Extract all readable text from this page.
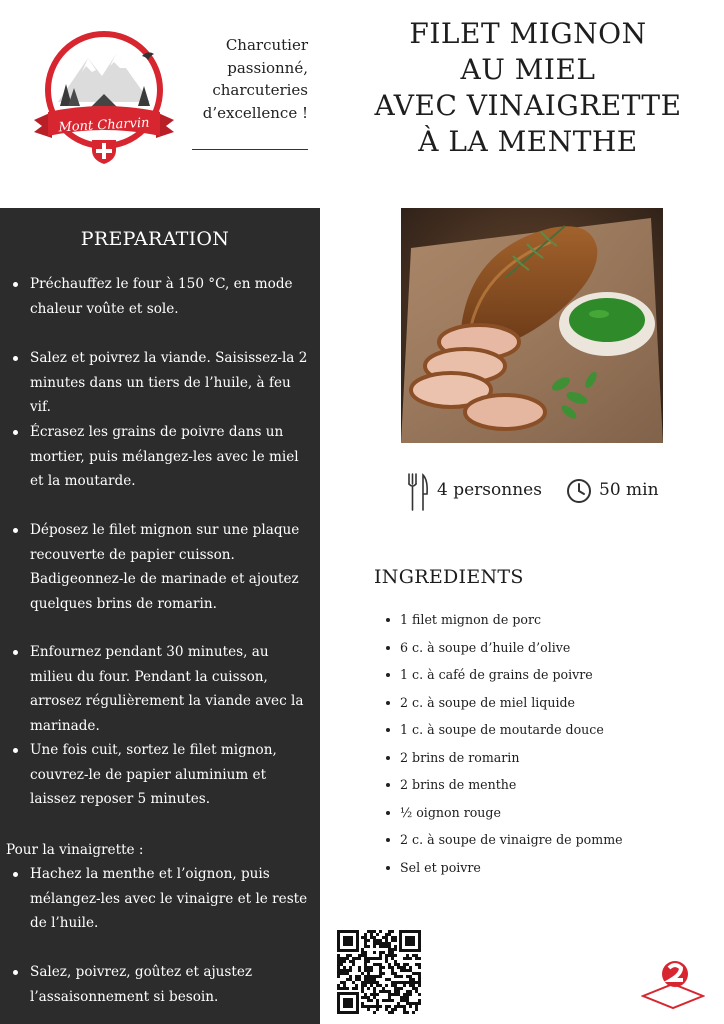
Mont Charvin
Charcutier
passionné,
charcuteries
d’excellence !
FILET MIGNON
AU MIEL
AVEC VINAIGRETTE
À LA MENTHE
PREPARATION
Préchauffez le four à 150 °C, en mode chaleur voûte et sole.
Salez et poivrez la viande. Saisissez-la 2 minutes dans un tiers de l’huile, à feu vif.
Écrasez les grains de poivre dans un mortier, puis mélangez-les avec le miel et la moutarde.
Déposez le filet mignon sur une plaque recouverte de papier cuisson. Badigeonnez-le de marinade et ajoutez quelques brins de romarin.
Enfournez pendant 30 minutes, au milieu du four. Pendant la cuisson, arrosez régulièrement la viande avec la marinade.
Une fois cuit, sortez le filet mignon, couvrez-le de papier aluminium et laissez reposer 5 minutes.
Pour la vinaigrette :
Hachez la menthe et l’oignon, puis mélangez-les avec le vinaigre et le reste de l’huile.
Salez, poivrez, goûtez et ajustez l’assaisonnement si besoin.
4 personnes	50 min
INGREDIENTS
1 filet mignon de porc
6 c. à soupe d’huile d’olive
1 c. à café de grains de poivre
2 c. à soupe de miel liquide
1 c. à soupe de moutarde douce
2 brins de romarin
2 brins de menthe
½ oignon rouge
2 c. à soupe de vinaigre de pomme
Sel et poivre
